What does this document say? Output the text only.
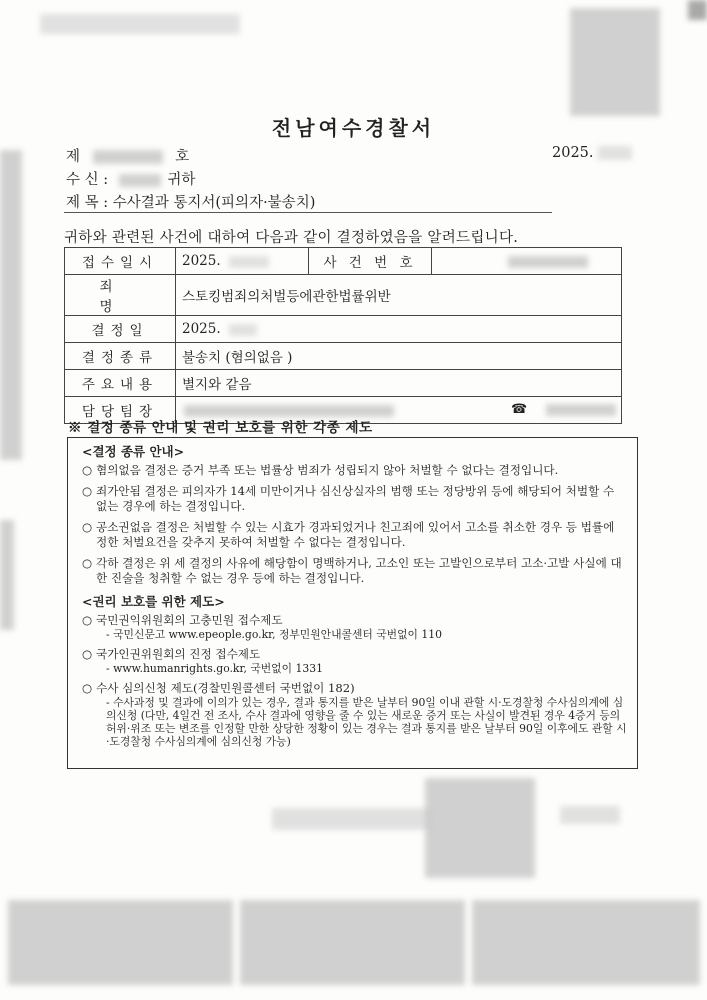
전남여수경찰서
제	호	2025.
수 신 :	귀하
제 목 : 수사결과 통지서(피의자·불송치)
귀하와 관련된 사건에 대하여 다음과 같이 결정하였음을 알려드립니다.
접수일시	2025.	사 건 번 호	
죄 명	스토킹범죄의처벌등에관한법률위반		
결정일	2025.		
결정종류	불송치 (혐의없음 )		
주요내용	별지와 같음		
담당팀장	☎		
※ 결정 종류 안내 및 권리 보호를 위한 각종 제도
<결정 종류 안내>
○ 혐의없음 결정은 증거 부족 또는 법률상 범죄가 성립되지 않아 처벌할 수 없다는 결정입니다.
○ 죄가안됨 결정은 피의자가 14세 미만이거나 심신상실자의 범행 또는 정당방위 등에 해당되어 처벌할 수 없는 경우에 하는 결정입니다.
○ 공소권없음 결정은 처벌할 수 있는 시효가 경과되었거나 친고죄에 있어서 고소를 취소한 경우 등 법률에 정한 처벌요건을 갖추지 못하여 처벌할 수 없다는 결정입니다.
○ 각하 결정은 위 세 결정의 사유에 해당함이 명백하거나, 고소인 또는 고발인으로부터 고소·고발 사실에 대한 진술을 청취할 수 없는 경우 등에 하는 결정입니다.
<권리 보호를 위한 제도>
○ 국민권익위원회의 고충민원 접수제도
- 국민신문고 www.epeople.go.kr, 정부민원안내콜센터 국번없이 110
○ 국가인권위원회의 진정 접수제도
- www.humanrights.go.kr, 국번없이 1331
○ 수사 심의신청 제도(경찰민원콜센터 국번없이 182)
- 수사과정 및 결과에 이의가 있는 경우, 결과 통지를 받은 날부터 90일 이내 관할 시·도경찰청 수사심의계에 심의신청 (다만, 4일건 전 조사, 수사 결과에 영향을 줄 수 있는 새로운 증거 또는 사실이 발견된 경우 4증거 등의 허위·위조 또는 변조를 인정할 만한 상당한 정황이 있는 경우는 결과 통지를 받은 날부터 90일 이후에도 관할 시·도경찰청 수사심의계에 심의신청 가능)
